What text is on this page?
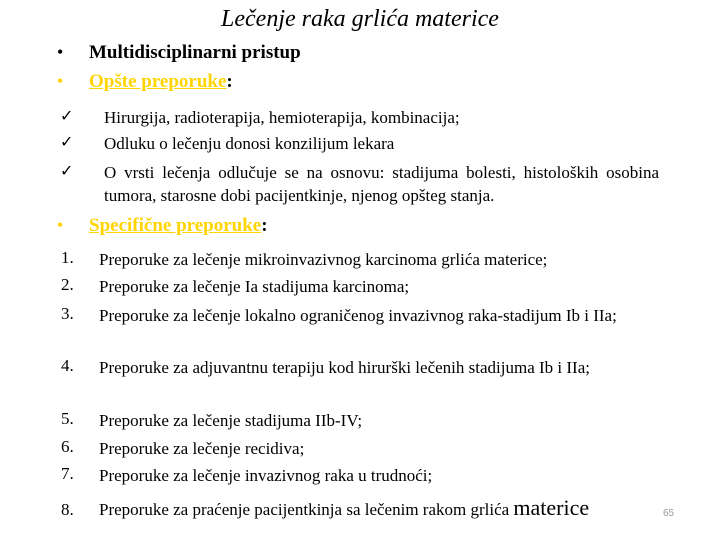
Lečenje raka grlića materice
• Multidisciplinarni pristup
• Opšte preporuke:
✓ Hirurgija, radioterapija, hemioterapija, kombinacija;
✓ Odluku o lečenju donosi konzilijum lekara
✓ O vrsti lečenja odlučuje se na osnovu: stadijuma bolesti, histoloških osobina tumora, starosne dobi pacijentkinje, njenog opšteg stanja.
• Specifične preporuke:
1. Preporuke za lečenje mikroinvazivnog karcinoma grlića materice;
2. Preporuke za lečenje Ia stadijuma karcinoma;
3. Preporuke za lečenje lokalno ograničenog invazivnog raka-stadijum Ib i IIa;
4. Preporuke za adjuvantnu terapiju kod hirurški lečenih stadijuma Ib i IIa;
5. Preporuke za lečenje stadijuma IIb-IV;
6. Preporuke za lečenje recidiva;
7. Preporuke za lečenje invazivnog raka u trudnoći;
8. Preporuke za praćenje pacijentkinja sa lečenim rakom grlića materice	65
